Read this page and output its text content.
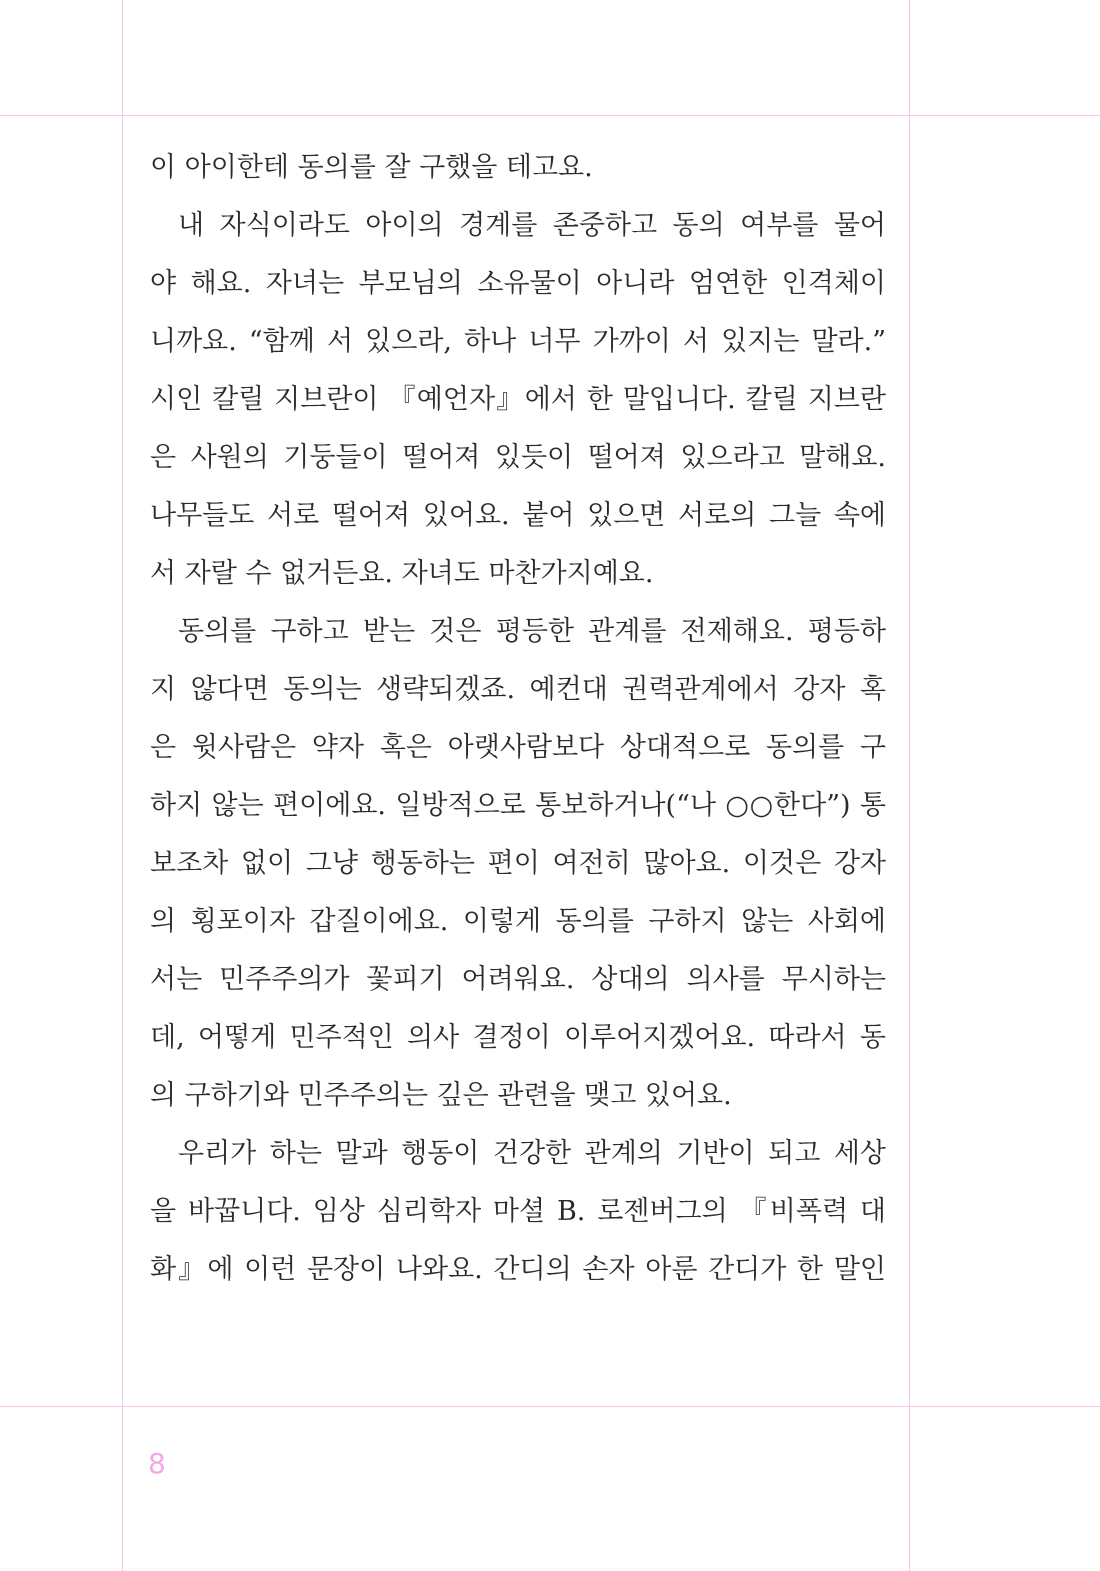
이 아이한테 동의를 잘 구했을 테고요.
내 자식이라도 아이의 경계를 존중하고 동의 여부를 물어
야 해요. 자녀는 부모님의 소유물이 아니라 엄연한 인격체이
니까요. “함께 서 있으라, 하나 너무 가까이 서 있지는 말라.”
시인 칼릴 지브란이 『예언자』에서 한 말입니다. 칼릴 지브란
은 사원의 기둥들이 떨어져 있듯이 떨어져 있으라고 말해요.
나무들도 서로 떨어져 있어요. 붙어 있으면 서로의 그늘 속에
서 자랄 수 없거든요. 자녀도 마찬가지예요.
동의를 구하고 받는 것은 평등한 관계를 전제해요. 평등하
지 않다면 동의는 생략되겠죠. 예컨대 권력관계에서 강자 혹
은 윗사람은 약자 혹은 아랫사람보다 상대적으로 동의를 구
하지 않는 편이에요. 일방적으로 통보하거나(“나 ○○한다”) 통
보조차 없이 그냥 행동하는 편이 여전히 많아요. 이것은 강자
의 횡포이자 갑질이에요. 이렇게 동의를 구하지 않는 사회에
서는 민주주의가 꽃피기 어려워요. 상대의 의사를 무시하는
데, 어떻게 민주적인 의사 결정이 이루어지겠어요. 따라서 동
의 구하기와 민주주의는 깊은 관련을 맺고 있어요.
우리가 하는 말과 행동이 건강한 관계의 기반이 되고 세상
을 바꿉니다. 임상 심리학자 마셜 B. 로젠버그의 『비폭력 대
화』에 이런 문장이 나와요. 간디의 손자 아룬 간디가 한 말인
8
